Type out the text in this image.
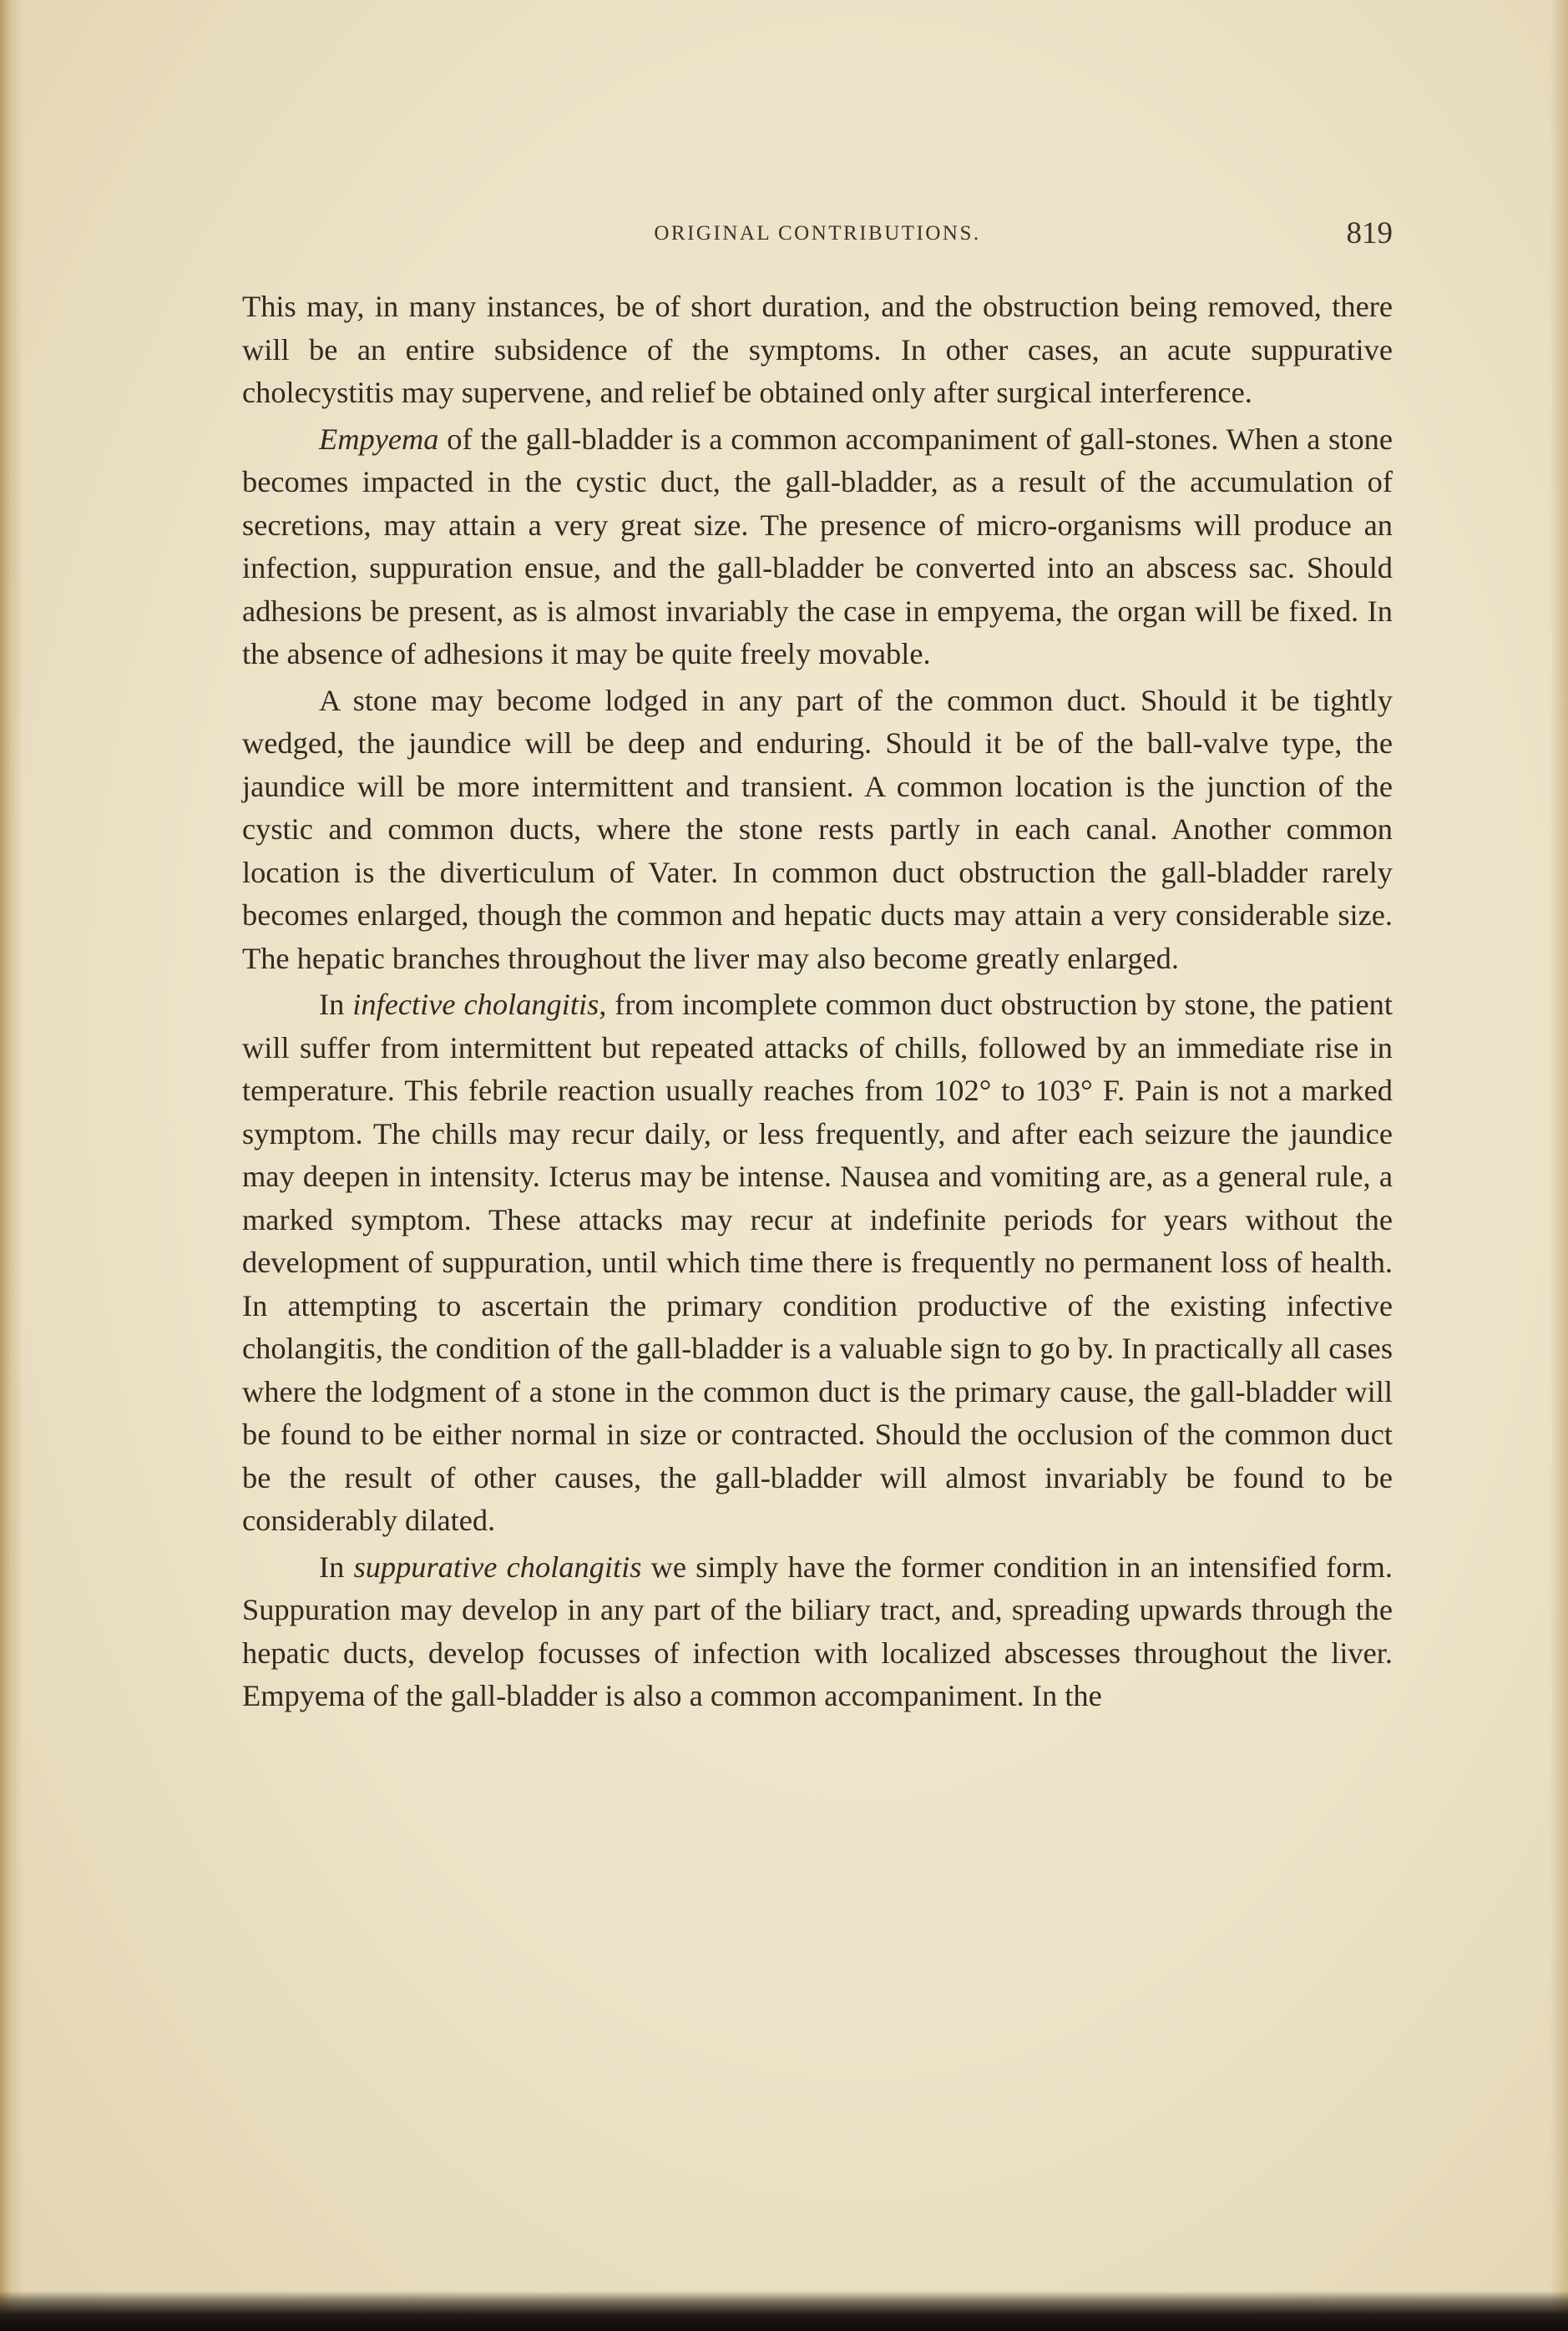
ORIGINAL CONTRIBUTIONS.	819

This may, in many instances, be of short duration, and the obstruction being removed, there will be an entire subsidence of the symptoms. In other cases, an acute suppurative cholecystitis may supervene, and relief be obtained only after surgical interference.

Empyema of the gall-bladder is a common accompaniment of gall-stones. When a stone becomes impacted in the cystic duct, the gall-bladder, as a result of the accumulation of secretions, may attain a very great size. The presence of micro-organisms will produce an infection, suppuration ensue, and the gall-bladder be converted into an abscess sac. Should adhesions be present, as is almost invariably the case in empyema, the organ will be fixed. In the absence of adhesions it may be quite freely movable.

A stone may become lodged in any part of the common duct. Should it be tightly wedged, the jaundice will be deep and enduring. Should it be of the ball-valve type, the jaundice will be more intermittent and transient. A common location is the junction of the cystic and common ducts, where the stone rests partly in each canal. Another common location is the diverticulum of Vater. In common duct obstruction the gall-bladder rarely becomes enlarged, though the common and hepatic ducts may attain a very considerable size. The hepatic branches throughout the liver may also become greatly enlarged.

In infective cholangitis, from incomplete common duct obstruction by stone, the patient will suffer from intermittent but repeated attacks of chills, followed by an immediate rise in temperature. This febrile reaction usually reaches from 102° to 103° F. Pain is not a marked symptom. The chills may recur daily, or less frequently, and after each seizure the jaundice may deepen in intensity. Icterus may be intense. Nausea and vomiting are, as a general rule, a marked symptom. These attacks may recur at indefinite periods for years without the development of suppuration, until which time there is frequently no permanent loss of health. In attempting to ascertain the primary condition productive of the existing infective cholangitis, the condition of the gall-bladder is a valuable sign to go by. In practically all cases where the lodgment of a stone in the common duct is the primary cause, the gall-bladder will be found to be either normal in size or contracted. Should the occlusion of the common duct be the result of other causes, the gall-bladder will almost invariably be found to be considerably dilated.

In suppurative cholangitis we simply have the former condition in an intensified form. Suppuration may develop in any part of the biliary tract, and, spreading upwards through the hepatic ducts, develop focusses of infection with localized abscesses throughout the liver. Empyema of the gall-bladder is also a common accompaniment. In the
